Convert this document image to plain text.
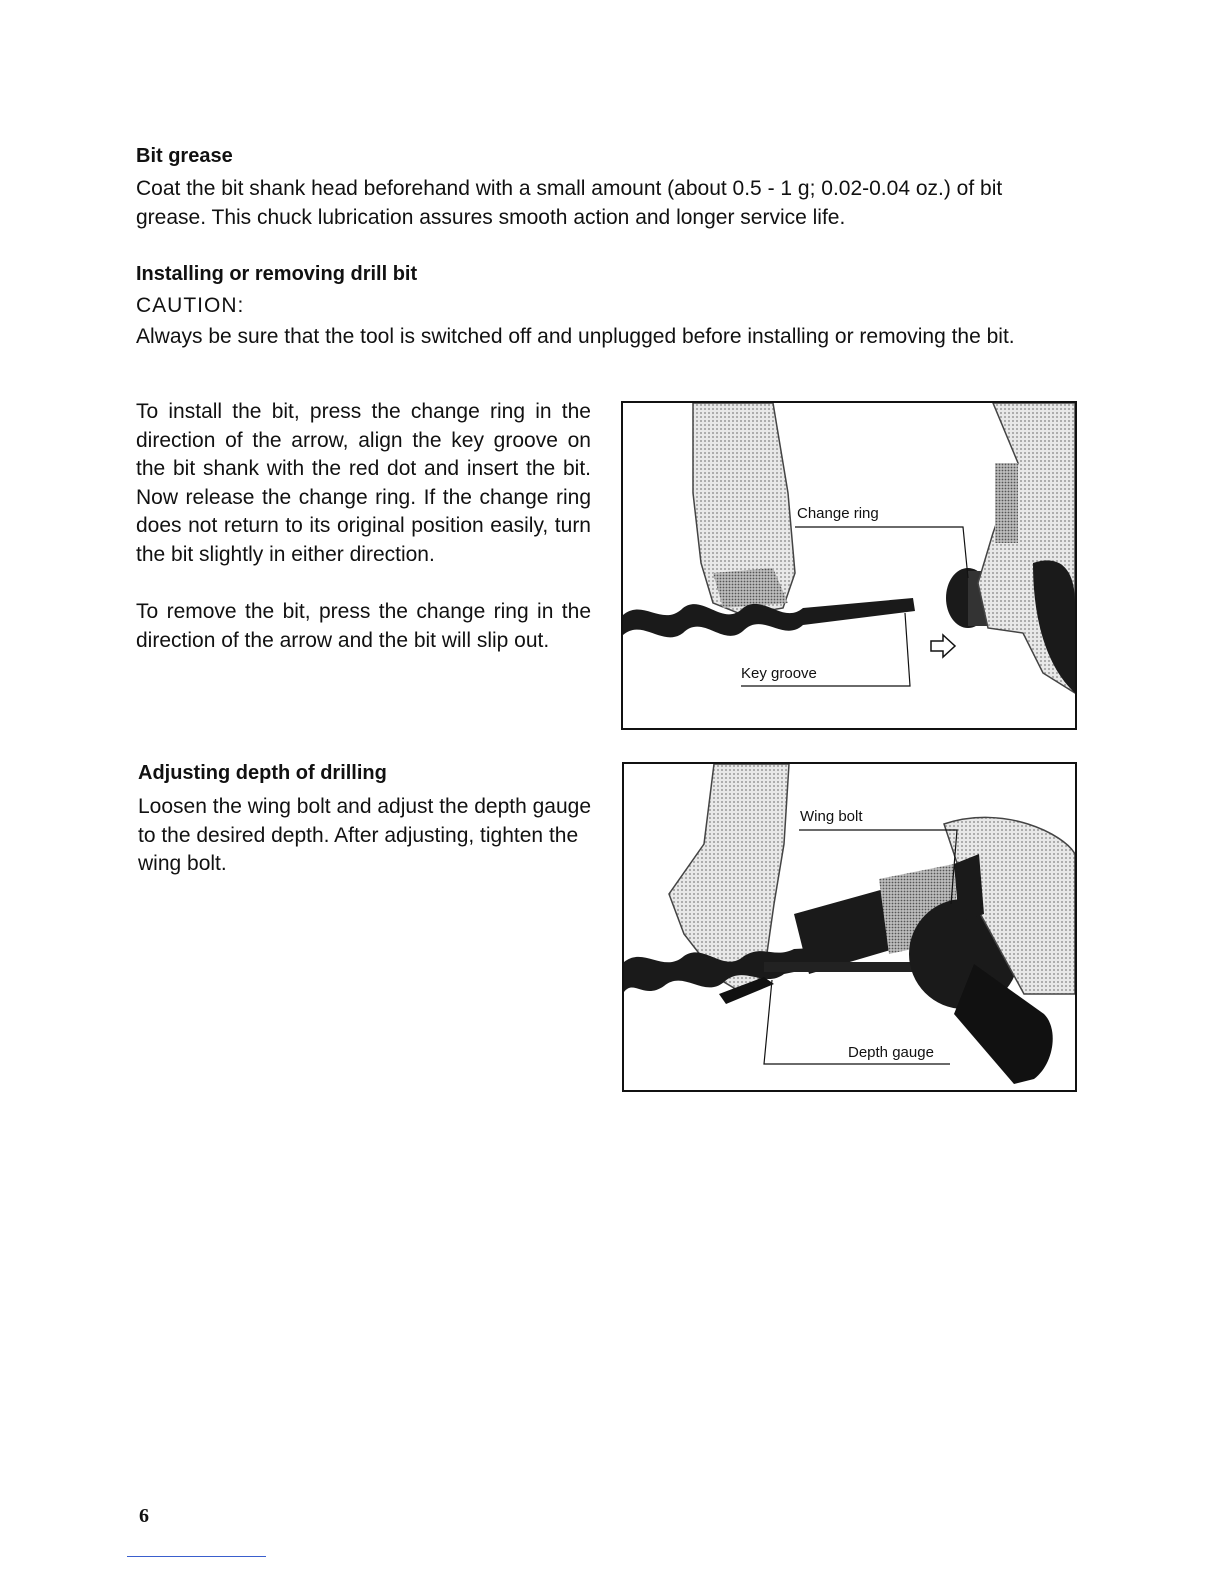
Bit grease
Coat the bit shank head beforehand with a small amount (about 0.5 - 1 g; 0.02-0.04 oz.) of bit grease. This chuck lubrication assures smooth action and longer service life.
Installing or removing drill bit
CAUTION:
Always be sure that the tool is switched off and unplugged before installing or removing the bit.
To install the bit, press the change ring in the direction of the arrow, align the key groove on the bit shank with the red dot and insert the bit. Now release the change ring. If the change ring does not return to its original position easily, turn the bit slightly in either direction.
To remove the bit, press the change ring in the direction of the arrow and the bit will slip out.
Change ring
Key groove
Adjusting depth of drilling
Loosen the wing bolt and adjust the depth gauge to the desired depth. After adjusting, tighten the wing bolt.
Wing bolt
Depth gauge
6
